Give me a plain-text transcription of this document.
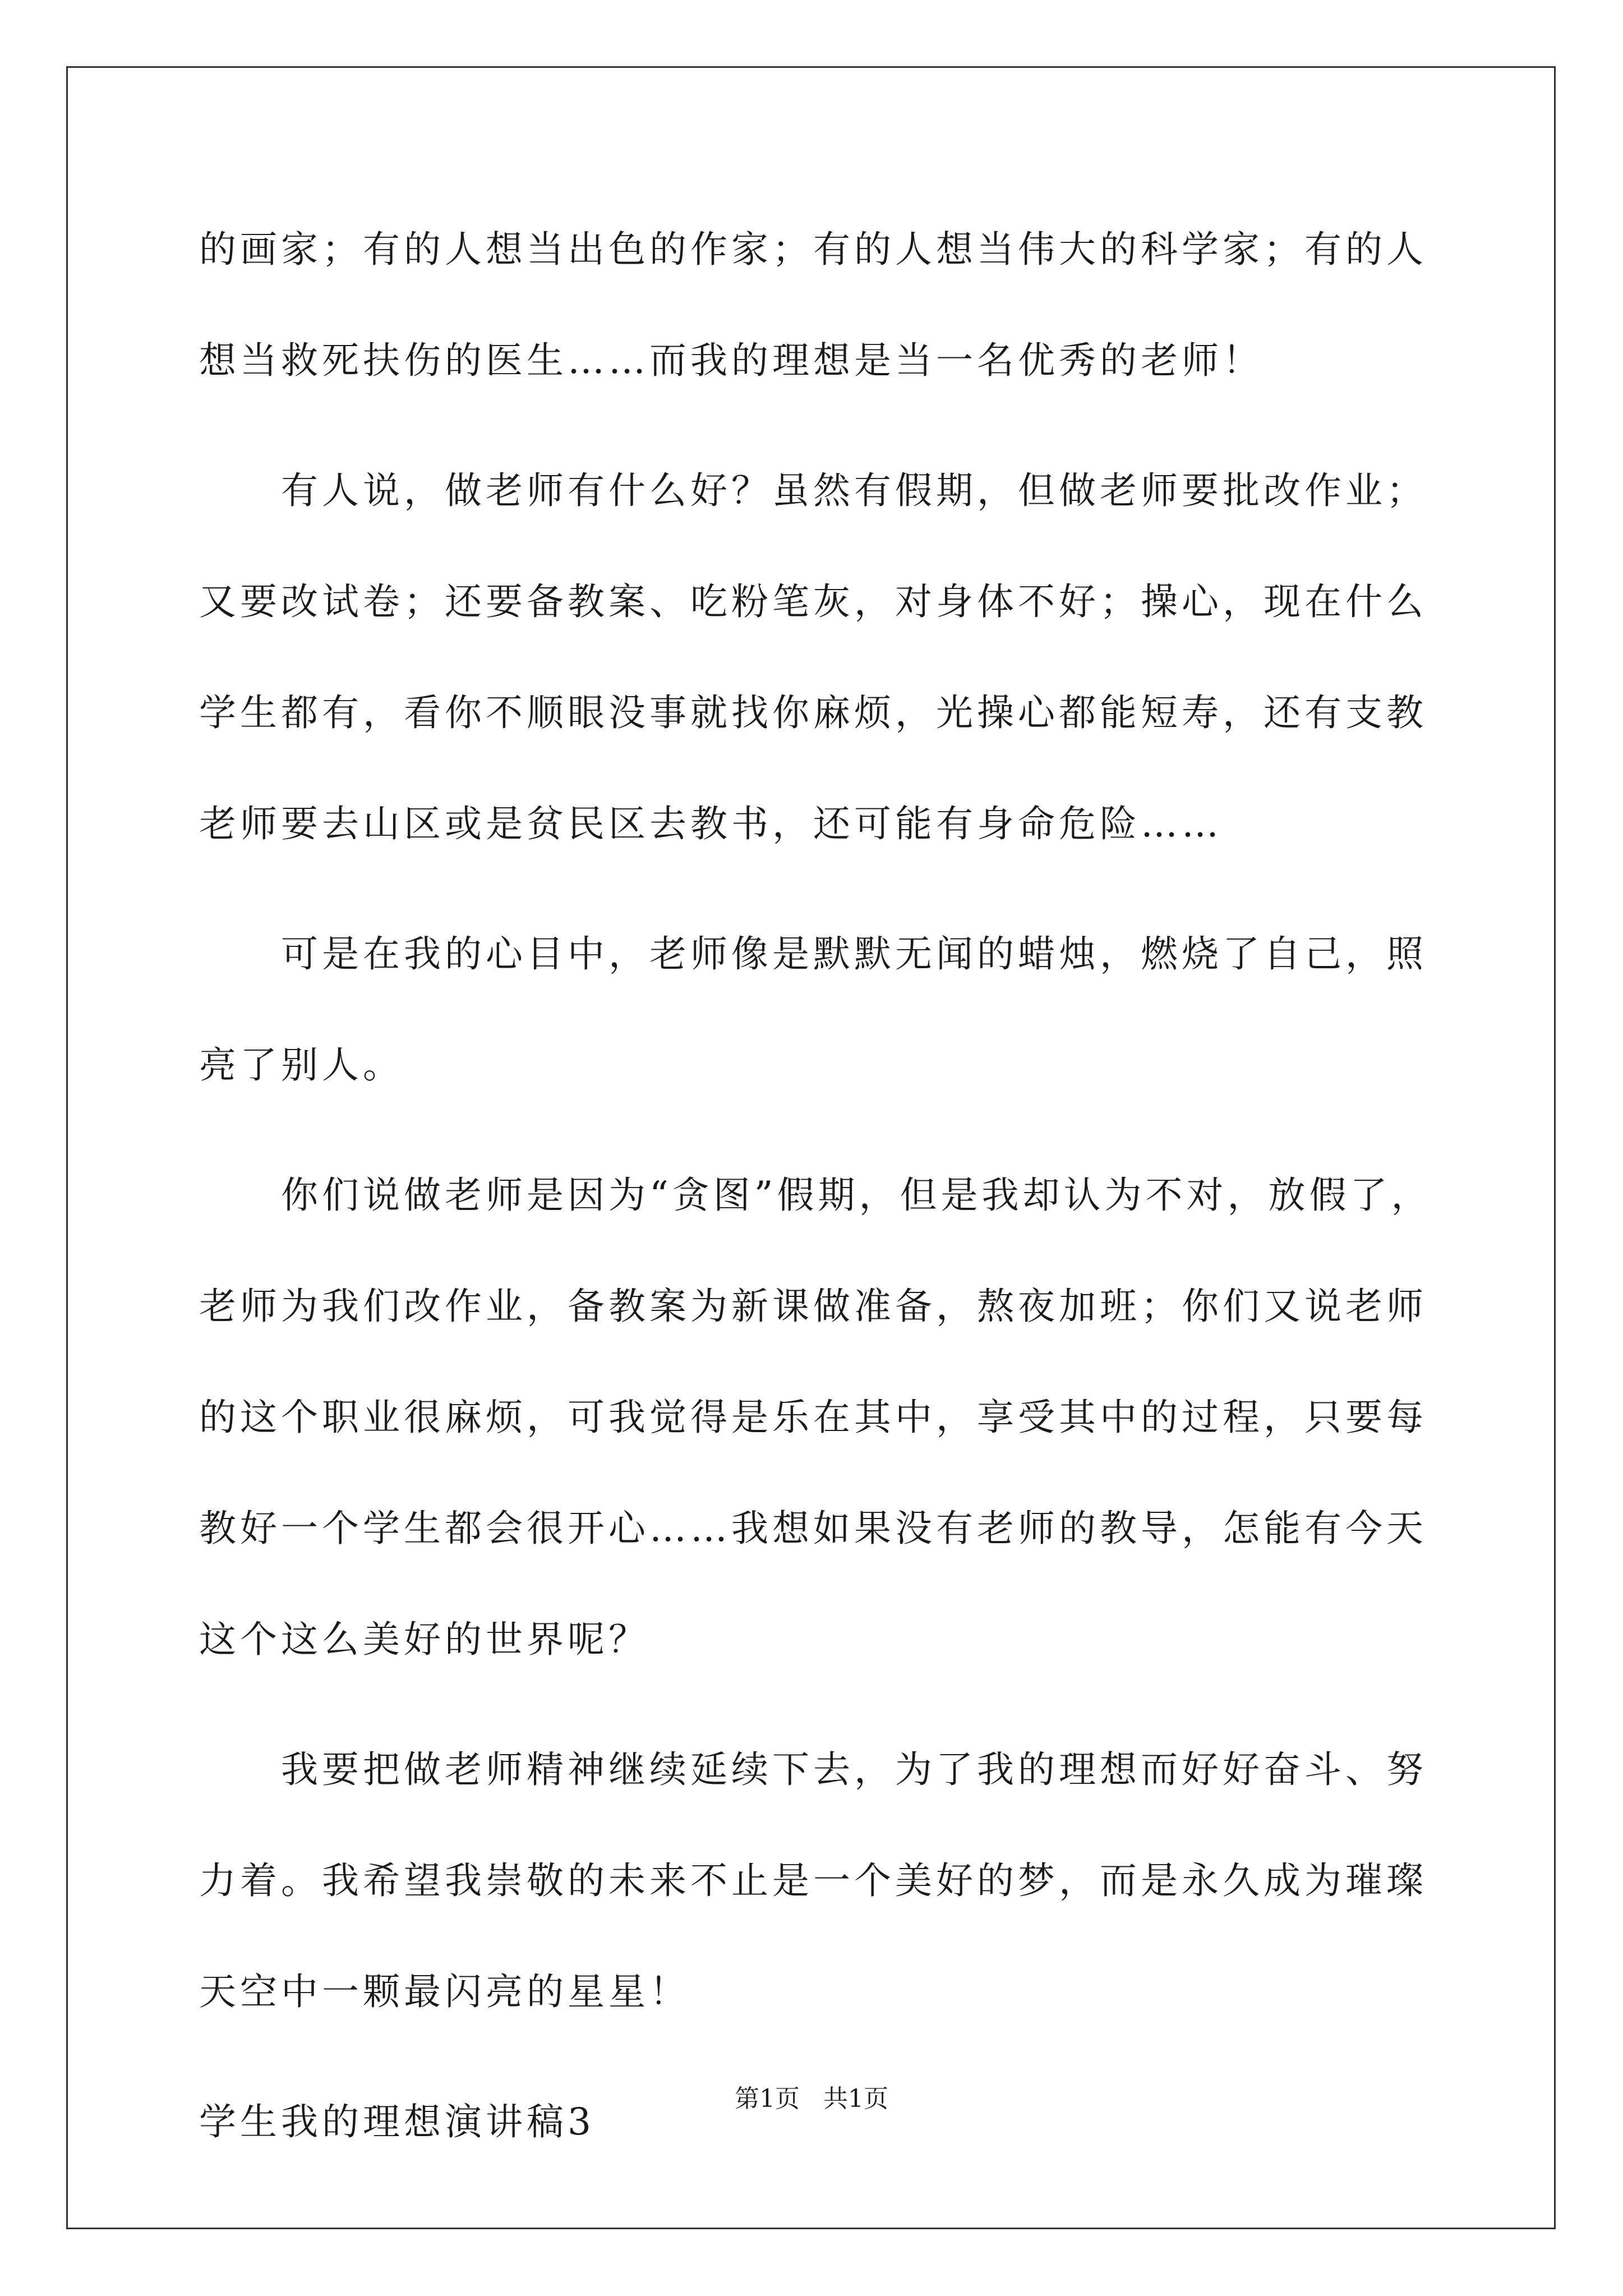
的画家；有的人想当出色的作家；有的人想当伟大的科学家；有的人
想当救死扶伤的医生……而我的理想是当一名优秀的老师！
有人说，做老师有什么好？虽然有假期，但做老师要批改作业；
又要改试卷；还要备教案、吃粉笔灰，对身体不好；操心，现在什么
学生都有，看你不顺眼没事就找你麻烦，光操心都能短寿，还有支教
老师要去山区或是贫民区去教书，还可能有身命危险……
可是在我的心目中，老师像是默默无闻的蜡烛，燃烧了自己，照
亮了别人。
你们说做老师是因为“贪图”假期，但是我却认为不对，放假了，
老师为我们改作业，备教案为新课做准备，熬夜加班；你们又说老师
的这个职业很麻烦，可我觉得是乐在其中，享受其中的过程，只要每
教好一个学生都会很开心……我想如果没有老师的教导，怎能有今天
这个这么美好的世界呢？
我要把做老师精神继续延续下去，为了我的理想而好好奋斗、努
力着。我希望我崇敬的未来不止是一个美好的梦，而是永久成为璀璨
天空中一颗最闪亮的星星！
学生我的理想演讲稿3
第1页   共1页
